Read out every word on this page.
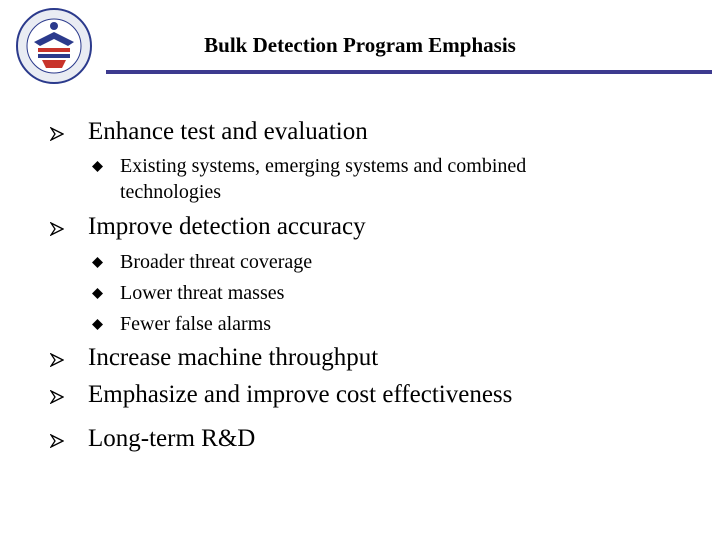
Bulk Detection Program Emphasis
Enhance test and evaluation
Existing systems, emerging systems and combined
technologies
Improve detection accuracy
Broader threat coverage
Lower threat masses
Fewer false alarms
Increase machine throughput
Emphasize and improve cost effectiveness
Long-term R&D
